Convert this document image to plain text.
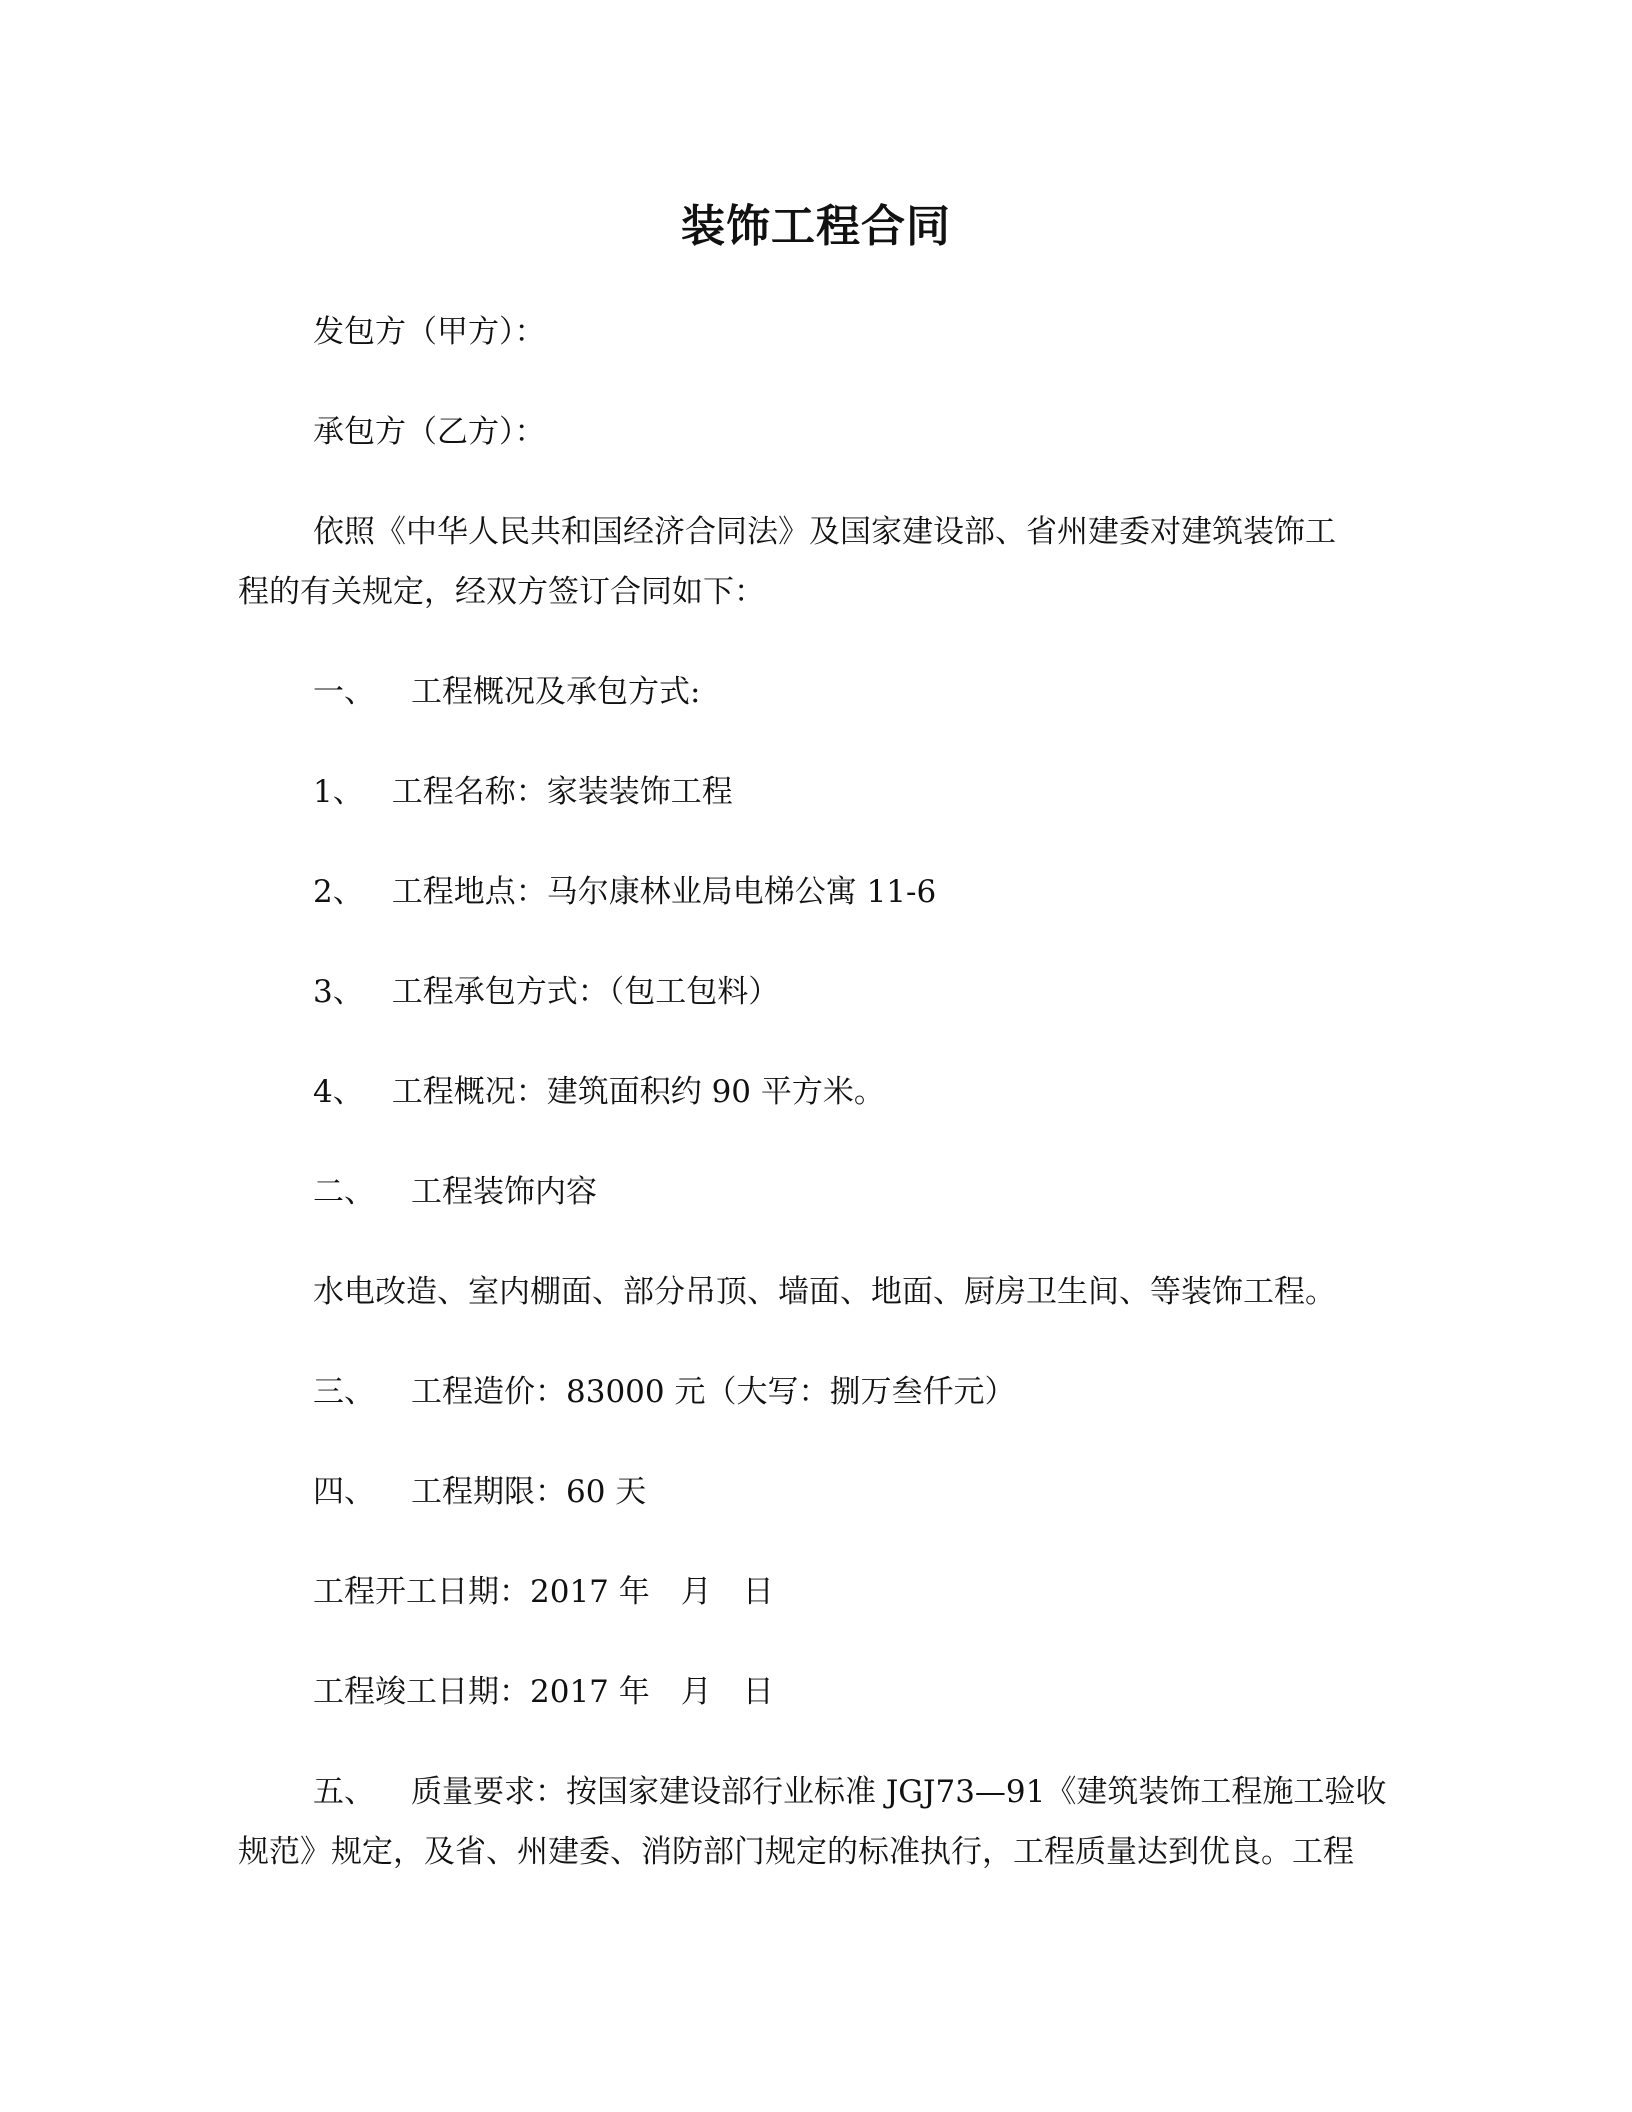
装饰工程合同
发包方（甲方）：
承包方（乙方）：
依照《中华人民共和国经济合同法》及国家建设部、省州建委对建筑装饰工
程的有关规定，经双方签订合同如下：
一、 工程概况及承包方式:
1、 工程名称：家装装饰工程
2、 工程地点：马尔康林业局电梯公寓 11-6
3、 工程承包方式：（包工包料）
4、 工程概况：建筑面积约 90 平方米。
二、 工程装饰内容
水电改造、室内棚面、部分吊顶、墙面、地面、厨房卫生间、等装饰工程。
三、 工程造价：83000 元（大写：捌万叁仟元）
四、 工程期限：60 天
工程开工日期：2017 年　月　日
工程竣工日期：2017 年　月　日
五、 质量要求：按国家建设部行业标准 JGJ73—91《建筑装饰工程施工验收
规范》规定，及省、州建委、消防部门规定的标准执行，工程质量达到优良。工程
